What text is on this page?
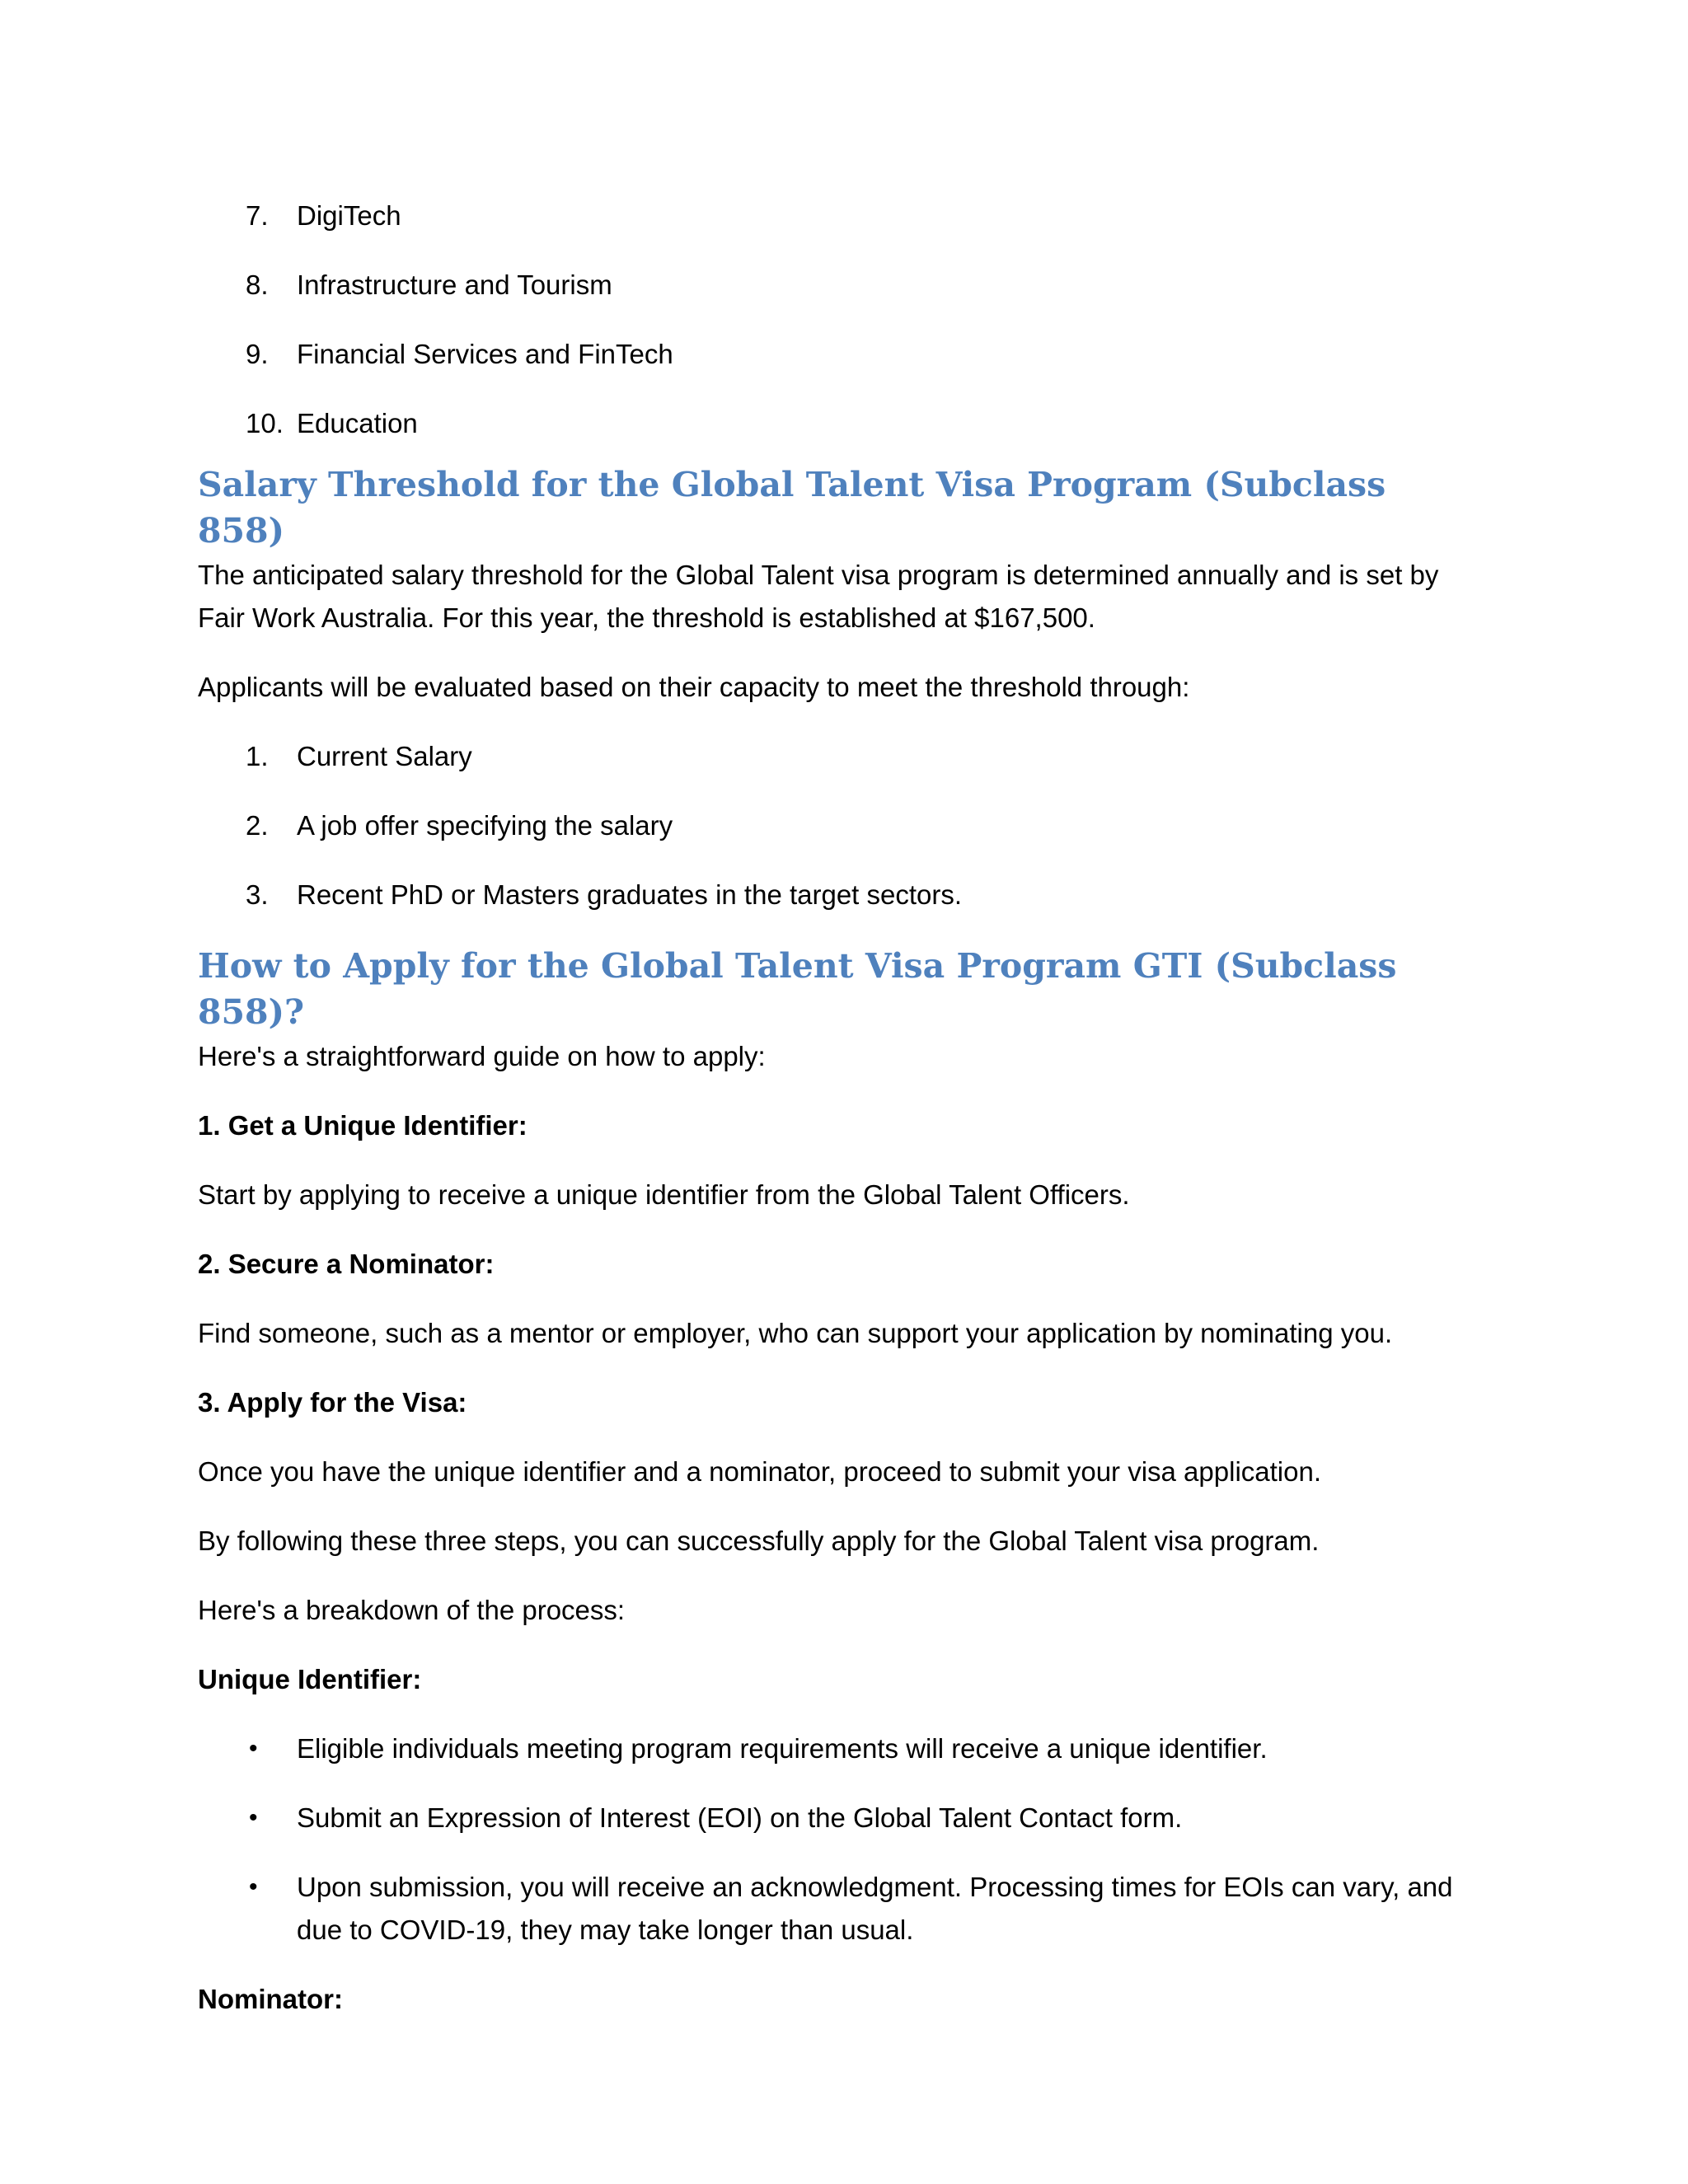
7. DigiTech
8. Infrastructure and Tourism
9. Financial Services and FinTech
10. Education
Salary Threshold for the Global Talent Visa Program (Subclass 858)

The anticipated salary threshold for the Global Talent visa program is determined annually and is set by Fair Work Australia. For this year, the threshold is established at $167,500.

Applicants will be evaluated based on their capacity to meet the threshold through:

1. Current Salary
2. A job offer specifying the salary
3. Recent PhD or Masters graduates in the target sectors.
How to Apply for the Global Talent Visa Program GTI (Subclass 858)?

Here's a straightforward guide on how to apply:

1. Get a Unique Identifier:

Start by applying to receive a unique identifier from the Global Talent Officers.

2. Secure a Nominator:

Find someone, such as a mentor or employer, who can support your application by nominating you.

3. Apply for the Visa:

Once you have the unique identifier and a nominator, proceed to submit your visa application.

By following these three steps, you can successfully apply for the Global Talent visa program.

Here's a breakdown of the process:

Unique Identifier:

• Eligible individuals meeting program requirements will receive a unique identifier.
• Submit an Expression of Interest (EOI) on the Global Talent Contact form.
• Upon submission, you will receive an acknowledgment. Processing times for EOIs can vary, and due to COVID-19, they may take longer than usual.

Nominator:
